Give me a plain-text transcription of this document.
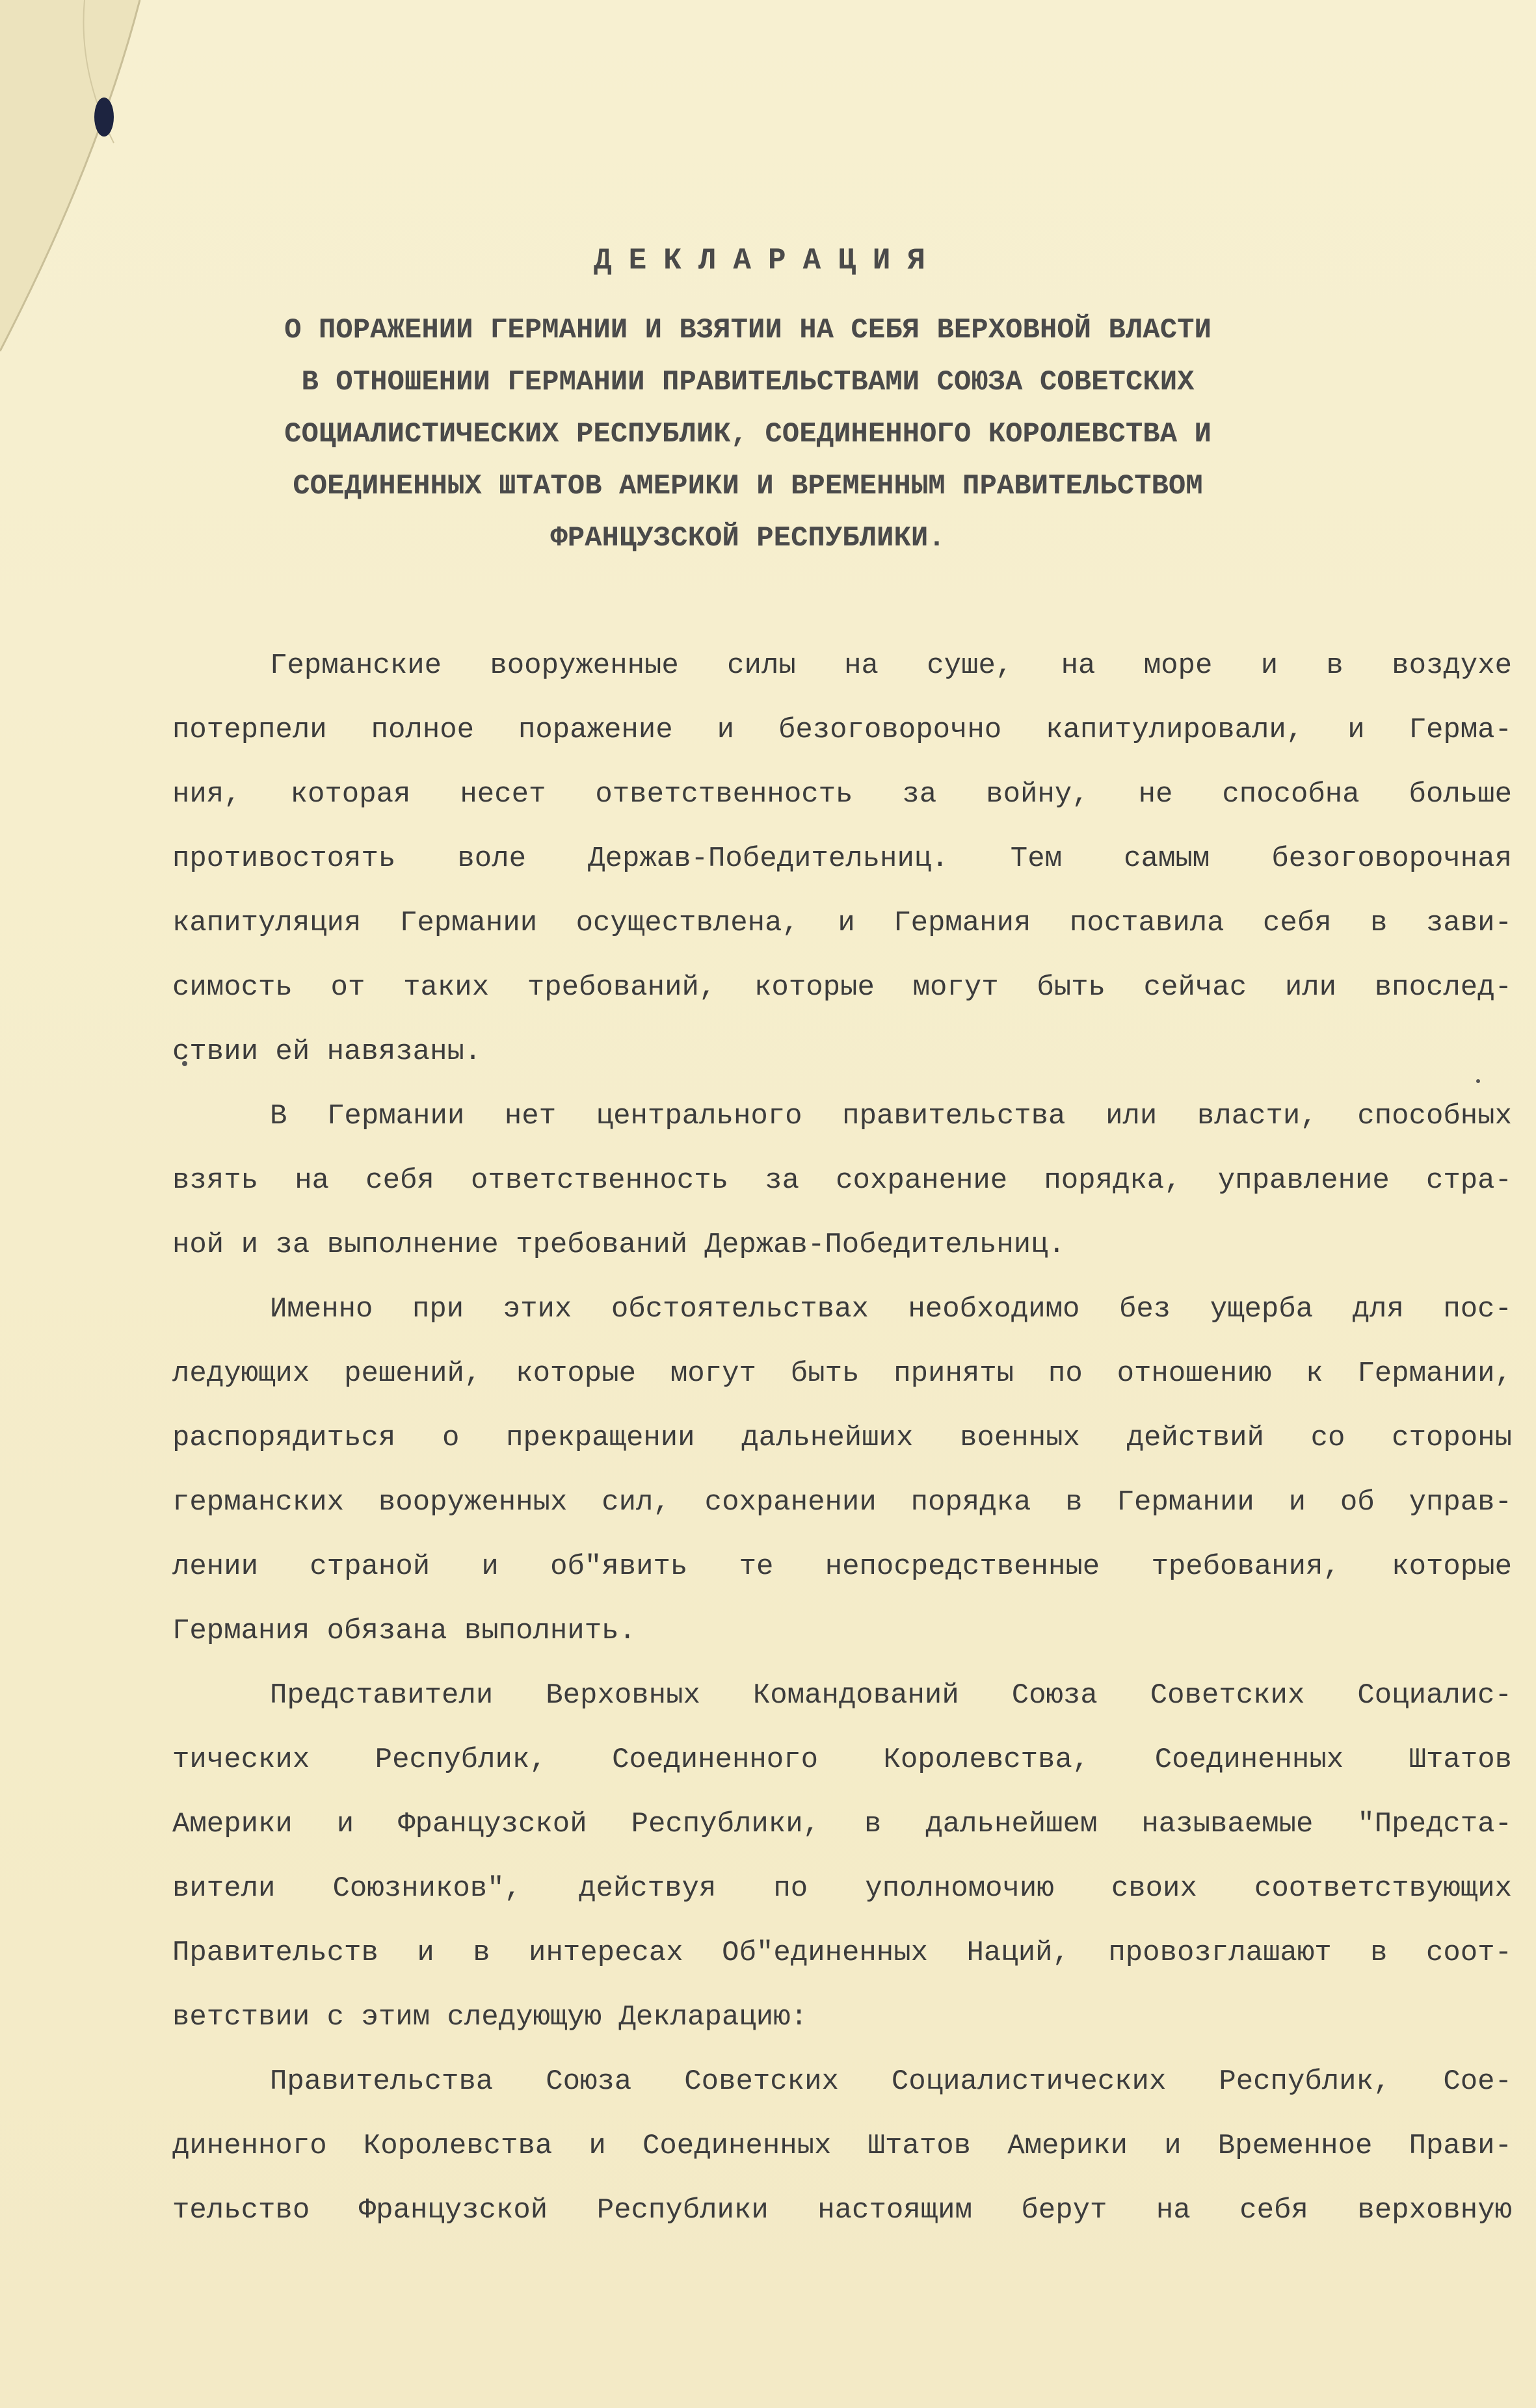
ДЕКЛАРАЦИЯ
О ПОРАЖЕНИИ ГЕРМАНИИ И ВЗЯТИИ НА СЕБЯ ВЕРХОВНОЙ ВЛАСТИ
В ОТНОШЕНИИ ГЕРМАНИИ ПРАВИТЕЛЬСТВАМИ СОЮЗА СОВЕТСКИХ
СОЦИАЛИСТИЧЕСКИХ РЕСПУБЛИК, СОЕДИНЕННОГО КОРОЛЕВСТВА И
СОЕДИНЕННЫХ ШТАТОВ АМЕРИКИ И ВРЕМЕННЫМ ПРАВИТЕЛЬСТВОМ
ФРАНЦУЗСКОЙ РЕСПУБЛИКИ.
Германские вооруженные силы на суше, на море и в воздухе
потерпели полное поражение и безоговорочно капитулировали, и Герма-
ния, которая несет ответственность за войну, не способна больше
противостоять воле Держав-Победительниц. Тем самым безоговорочная
капитуляция Германии осуществлена, и Германия поставила себя в зави-
симость от таких требований, которые могут быть сейчас или впослед-
ствии ей навязаны.
В Германии нет центрального правительства или власти, способных
взять на себя ответственность за сохранение порядка, управление стра-
ной и за выполнение требований Держав-Победительниц.
Именно при этих обстоятельствах необходимо без ущерба для пос-
ледующих решений, которые могут быть приняты по отношению к Германии,
распорядиться о прекращении дальнейших военных действий со стороны
германских вооруженных сил, сохранении порядка в Германии и об управ-
лении страной и об"явить те непосредственные требования, которые
Германия обязана выполнить.
Представители Верховных Командований Союза Советских Социалис-
тических Республик, Соединенного Королевства, Соединенных Штатов
Америки и Французской Республики, в дальнейшем называемые "Предста-
вители Союзников", действуя по уполномочию своих соответствующих
Правительств и в интересах Об"единенных Наций, провозглашают в соот-
ветствии с этим следующую Декларацию:
Правительства Союза Советских Социалистических Республик, Сое-
диненного Королевства и Соединенных Штатов Америки и Временное Прави-
тельство Французской Республики настоящим берут на себя верховную
